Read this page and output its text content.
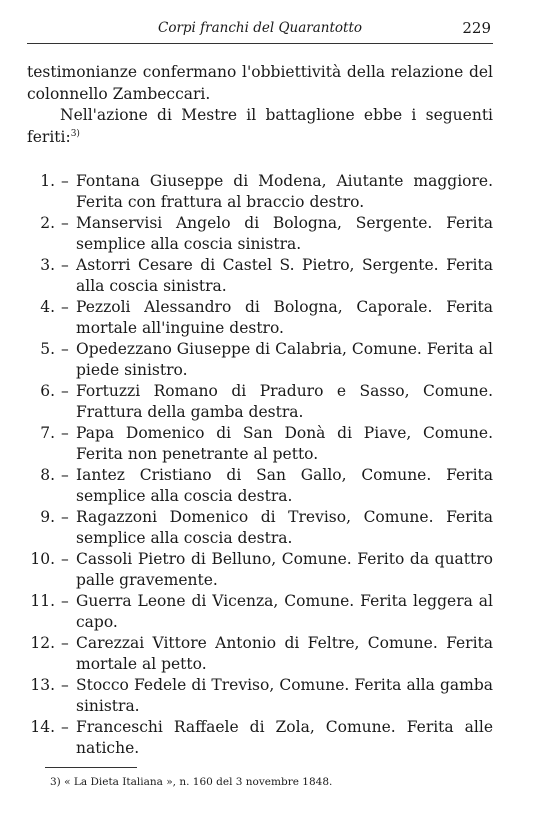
Corpi franchi del Quarantotto	229

testimonianze confermano l'obbiettività della relazione del colonnello Zambeccari.

Nell'azione di Mestre il battaglione ebbe i seguenti feriti:$^{3)}$

1. – Fontana Giuseppe di Modena, Aiutante maggiore. Ferita con frattura al braccio destro.
2. – Manservisi Angelo di Bologna, Sergente. Ferita semplice alla coscia sinistra.
3. – Astorri Cesare di Castel S. Pietro, Sergente. Ferita alla coscia sinistra.
4. – Pezzoli Alessandro di Bologna, Caporale. Ferita mortale all'inguine destro.
5. – Opedezzano Giuseppe di Calabria, Comune. Ferita al piede sinistro.
6. – Fortuzzi Romano di Praduro e Sasso, Comune. Frattura della gamba destra.
7. – Papa Domenico di San Donà di Piave, Comune. Ferita non penetrante al petto.
8. – Iantez Cristiano di San Gallo, Comune. Ferita semplice alla coscia destra.
9. – Ragazzoni Domenico di Treviso, Comune. Ferita semplice alla coscia destra.
10. – Cassoli Pietro di Belluno, Comune. Ferito da quattro palle gravemente.
11. – Guerra Leone di Vicenza, Comune. Ferita leggera al capo.
12. – Carezzai Vittore Antonio di Feltre, Comune. Ferita mortale al petto.
13. – Stocco Fedele di Treviso, Comune. Ferita alla gamba sinistra.
14. – Franceschi Raffaele di Zola, Comune. Ferita alle natiche.
3) « La Dieta Italiana », n. 160 del 3 novembre 1848.
